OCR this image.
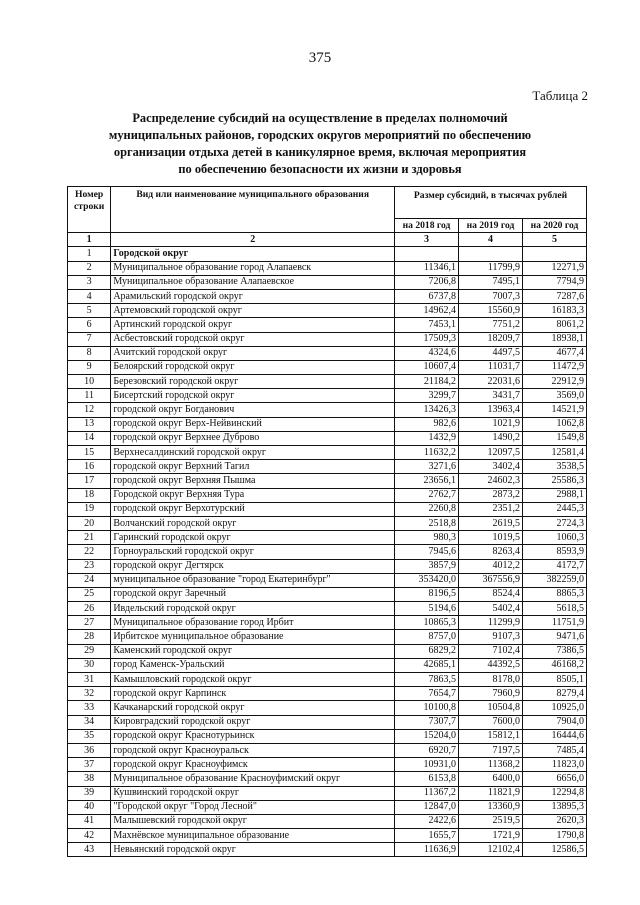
375
Таблица 2
Распределение субсидий на осуществление в пределах полномочий
муниципальных районов, городских округов мероприятий по обеспечению
организации отдыха детей в каникулярное время, включая мероприятия
по обеспечению безопасности их жизни и здоровья
Номер строки	Вид или наименование муниципального образования	Размер субсидий, в тысячах рублей		
		на 2018 год	на 2019 год	на 2020 год
1	2	3	4	5
1	Городской округ			
2	Муниципальное образование город Алапаевск	11346,1	11799,9	12271,9
3	Муниципальное образование Алапаевское	7206,8	7495,1	7794,9
4	Арамильский городской округ	6737,8	7007,3	7287,6
5	Артемовский городской округ	14962,4	15560,9	16183,3
6	Артинский городской округ	7453,1	7751,2	8061,2
7	Асбестовский городской округ	17509,3	18209,7	18938,1
8	Ачитский городской округ	4324,6	4497,5	4677,4
9	Белоярский городской округ	10607,4	11031,7	11472,9
10	Березовский городской округ	21184,2	22031,6	22912,9
11	Бисертский городской округ	3299,7	3431,7	3569,0
12	городской округ Богданович	13426,3	13963,4	14521,9
13	городской округ Верх-Нейвинский	982,6	1021,9	1062,8
14	городской округ Верхнее Дуброво	1432,9	1490,2	1549,8
15	Верхнесалдинский городской округ	11632,2	12097,5	12581,4
16	городской округ Верхний Тагил	3271,6	3402,4	3538,5
17	городской округ Верхняя Пышма	23656,1	24602,3	25586,3
18	Городской округ Верхняя Тура	2762,7	2873,2	2988,1
19	городской округ Верхотурский	2260,8	2351,2	2445,3
20	Волчанский городской округ	2518,8	2619,5	2724,3
21	Гаринский городской округ	980,3	1019,5	1060,3
22	Горноуральский городской округ	7945,6	8263,4	8593,9
23	городской округ Дегтярск	3857,9	4012,2	4172,7
24	муниципальное образование "город Екатеринбург"	353420,0	367556,9	382259,0
25	городской округ Заречный	8196,5	8524,4	8865,3
26	Ивдельский городской округ	5194,6	5402,4	5618,5
27	Муниципальное образование город Ирбит	10865,3	11299,9	11751,9
28	Ирбитское муниципальное образование	8757,0	9107,3	9471,6
29	Каменский городской округ	6829,2	7102,4	7386,5
30	город Каменск-Уральский	42685,1	44392,5	46168,2
31	Камышловский городской округ	7863,5	8178,0	8505,1
32	городской округ Карпинск	7654,7	7960,9	8279,4
33	Качканарский городской округ	10100,8	10504,8	10925,0
34	Кировградский городской округ	7307,7	7600,0	7904,0
35	городской округ Краснотурьинск	15204,0	15812,1	16444,6
36	городской округ Красноуральск	6920,7	7197,5	7485,4
37	городской округ Красноуфимск	10931,0	11368,2	11823,0
38	Муниципальное образование Красноуфимский округ	6153,8	6400,0	6656,0
39	Кушвинский городской округ	11367,2	11821,9	12294,8
40	"Городской округ "Город Лесной"	12847,0	13360,9	13895,3
41	Малышевский городской округ	2422,6	2519,5	2620,3
42	Махнёвское муниципальное образование	1655,7	1721,9	1790,8
43	Невьянский городской округ	11636,9	12102,4	12586,5
